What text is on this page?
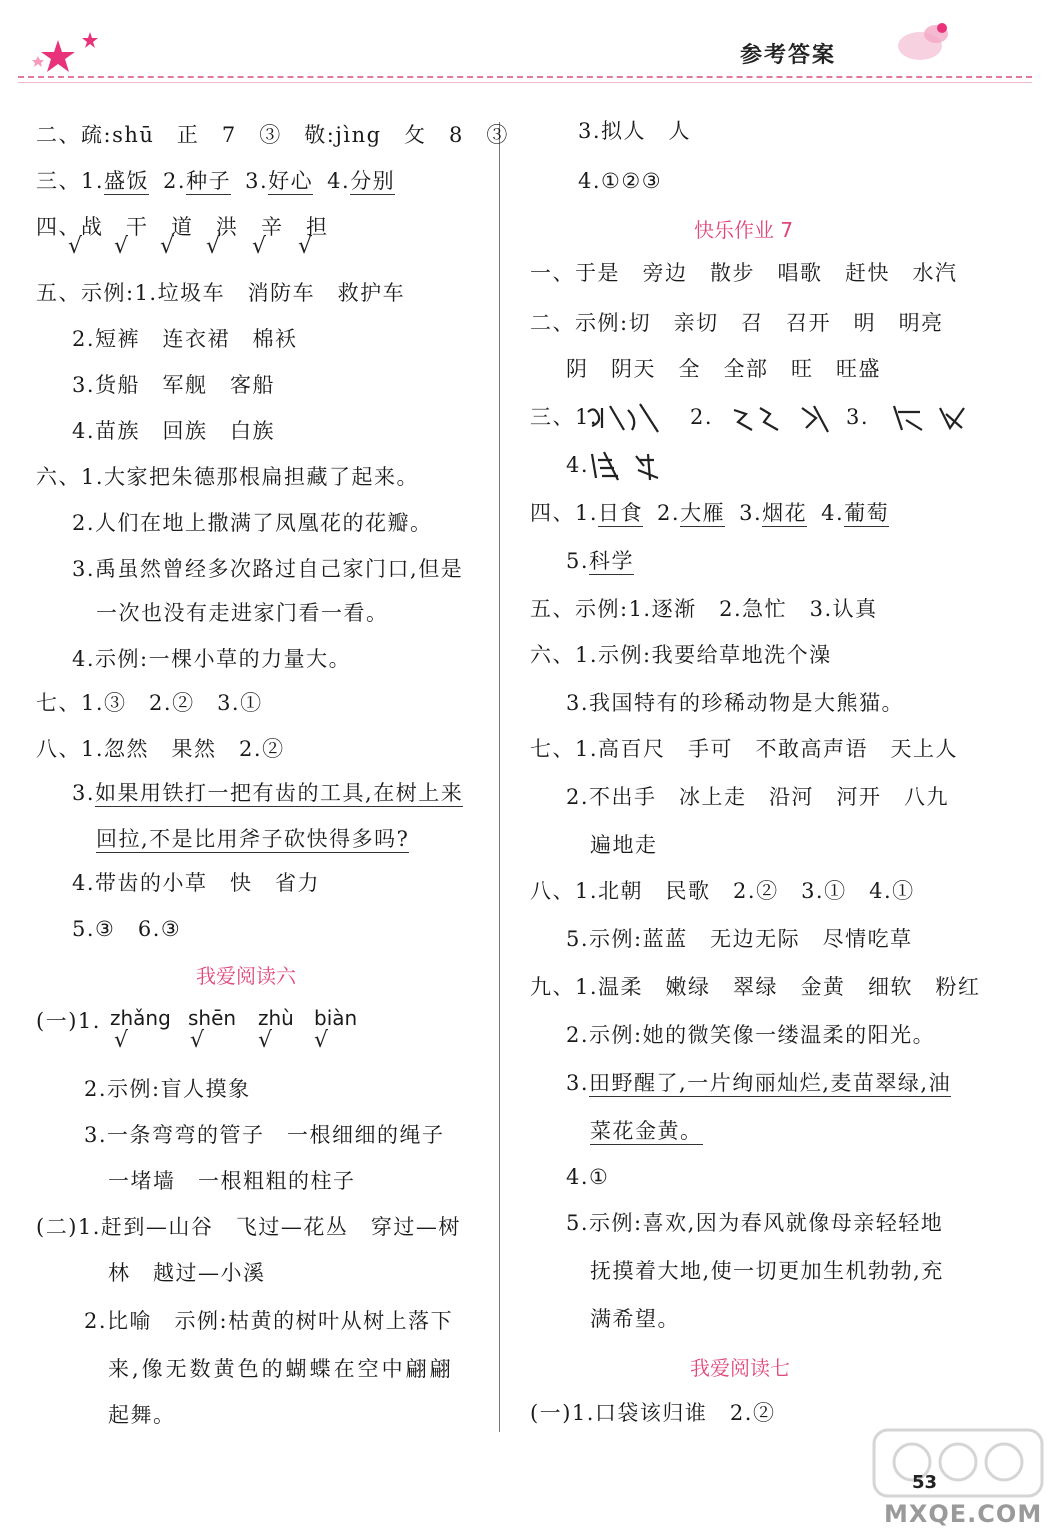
参考答案
二、疏:shū　正　7　③　敬:jìng　攵　8　③
三、1.盛饭 2.种子 3.好心 4.分别
四、战　干　道　洪　辛　担
√ √ √ √ √ √
五、示例:1.垃圾车　消防车　救护车
2.短裤　连衣裙　棉袄
3.货船　军舰　客船
4.苗族　回族　白族
六、1.大家把朱德那根扁担藏了起来。
2.人们在地上撒满了凤凰花的花瓣。
3.禹虽然曾经多次路过自己家门口,但是
一次也没有走进家门看一看。
4.示例:一棵小草的力量大。
七、1.③　2.②　3.①
八、1.忽然　果然　2.②
3.如果用铁打一把有齿的工具,在树上来
回拉,不是比用斧子砍快得多吗?
4.带齿的小草　快　省力
5.③　6.③
我爱阅读六
(一)1. zhǎng shēn zhù biàn
√	√ √ √
2.示例:盲人摸象
3.一条弯弯的管子　一根细细的绳子
一堵墙　一根粗粗的柱子
(二)1.赶到—山谷　飞过—花丛　穿过—树
林　越过—小溪
2.比喻　示例:枯黄的树叶从树上落下
来,像无数黄色的蝴蝶在空中翩翩
起舞。
3.拟人　人
4.①②③
快乐作业 7
一、于是　旁边　散步　唱歌　赶快　水汽
二、示例:切　亲切　召　召开　明　明亮
阴　阴天　全　全部　旺　旺盛
三、1.	2.	3.
4.
四、1.日食 2.大雁 3.烟花 4.葡萄
5.科学
五、示例:1.逐渐　2.急忙　3.认真
六、1.示例:我要给草地洗个澡
3.我国特有的珍稀动物是大熊猫。
七、1.高百尺　手可　不敢高声语　天上人
2.不出手　冰上走　沿河　河开　八九
遍地走
八、1.北朝　民歌　2.②　3.①　4.①
5.示例:蓝蓝　无边无际　尽情吃草
九、1.温柔　嫩绿　翠绿　金黄　细软　粉红
2.示例:她的微笑像一缕温柔的阳光。
3.田野醒了,一片绚丽灿烂,麦苗翠绿,油
菜花金黄。
4.①
5.示例:喜欢,因为春风就像母亲轻轻地
抚摸着大地,使一切更加生机勃勃,充
满希望。
我爱阅读七
(一)1.口袋该归谁　2.②
53
MXQE.COM
